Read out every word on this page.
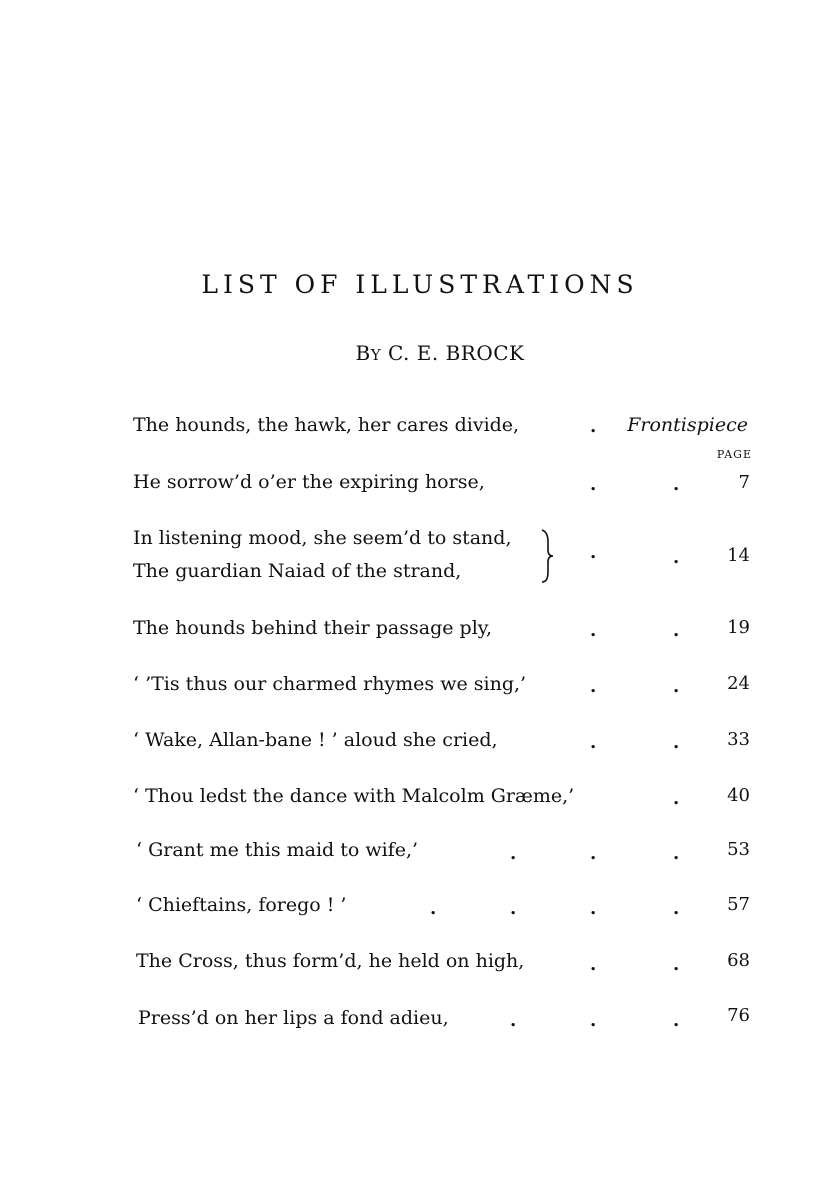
LIST OF ILLUSTRATIONS
BY C. E. BROCK
The hounds, the hawk, her cares divide,	. Frontispiece
PAGE
He sorrow’d o’er the expiring horse,	.	.	7
In listening mood, she seem’d to stand,
The guardian Naiad of the strand,
.	.	14
The hounds behind their passage ply,	.	.	19
‘ ’Tis thus our charmed rhymes we sing,’	.	.	24
‘ Wake, Allan-bane ! ’ aloud she cried,	.	.	33
‘ Thou ledst the dance with Malcolm Græme,’	.	40
‘ Grant me this maid to wife,’	.	.	.	53
‘ Chieftains, forego ! ’	.	.	.	.	57
The Cross, thus form’d, he held on high,	.	.	68
Press’d on her lips a fond adieu,	.	.	.	76
